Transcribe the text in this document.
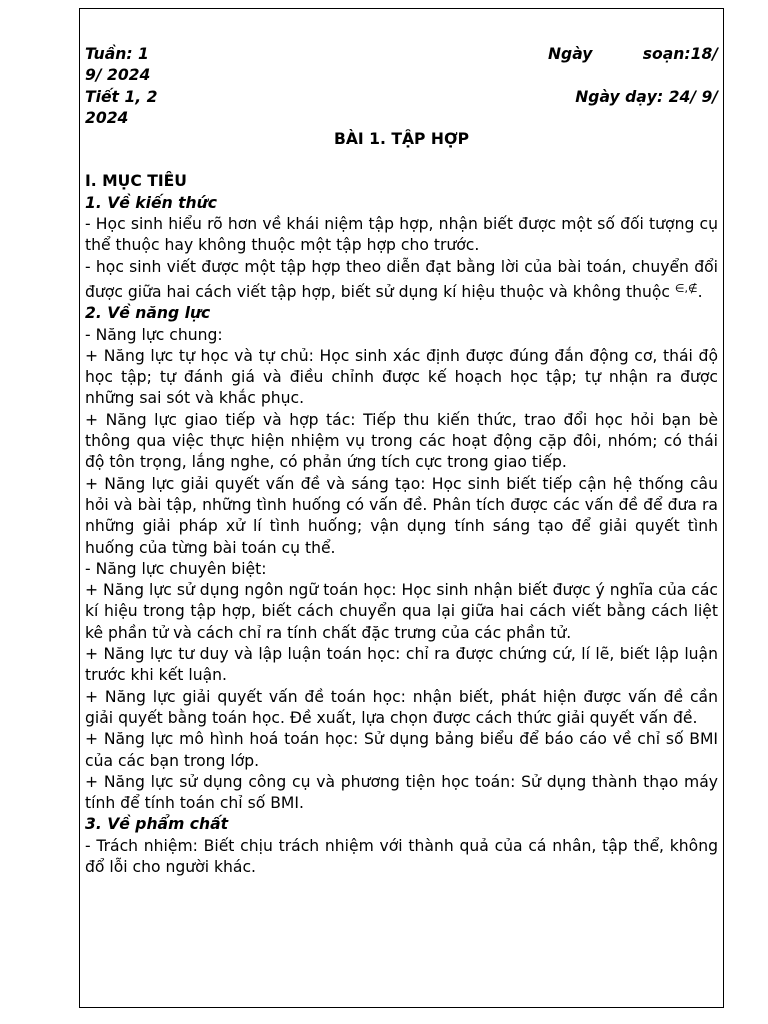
Tuần: 1	Ngày	soạn:18/
9/ 2024
Tiết 1, 2	Ngày dạy: 24/ 9/
2024
BÀI 1. TẬP HỢP
I. MỤC TIÊU
1. Về kiến thức
- Học sinh hiểu rõ hơn về khái niệm tập hợp, nhận biết được một số đối tượng cụ thể thuộc hay không thuộc một tập hợp cho trước.
- học sinh viết được một tập hợp theo diễn đạt bằng lời của bài toán, chuyển đổi được giữa hai cách viết tập hợp, biết sử dụng kí hiệu thuộc và không thuộc ∈,∉.
2. Về năng lực
- Năng lực chung:
+ Năng lực tự học và tự chủ: Học sinh xác định được đúng đắn động cơ, thái độ học tập; tự đánh giá và điều chỉnh được kế hoạch học tập; tự nhận ra được những sai sót và khắc phục.
+ Năng lực giao tiếp và hợp tác: Tiếp thu kiến thức, trao đổi học hỏi bạn bè thông qua việc thực hiện nhiệm vụ trong các hoạt động cặp đôi, nhóm; có thái độ tôn trọng, lắng nghe, có phản ứng tích cực trong giao tiếp.
+ Năng lực giải quyết vấn đề và sáng tạo: Học sinh biết tiếp cận hệ thống câu hỏi và bài tập, những tình huống có vấn đề. Phân tích được các vấn đề để đưa ra những giải pháp xử lí tình huống; vận dụng tính sáng tạo để giải quyết tình huống của từng bài toán cụ thể.
- Năng lực chuyên biệt:
+ Năng lực sử dụng ngôn ngữ toán học: Học sinh nhận biết được ý nghĩa của các kí hiệu trong tập hợp, biết cách chuyển qua lại giữa hai cách viết bằng cách liệt kê phần tử và cách chỉ ra tính chất đặc trưng của các phần tử.
+ Năng lực tư duy và lập luận toán học: chỉ ra được chứng cứ, lí lẽ, biết lập luận trước khi kết luận.
+ Năng lực giải quyết vấn đề toán học: nhận biết, phát hiện được vấn đề cần giải quyết bằng toán học. Đề xuất, lựa chọn được cách thức giải quyết vấn đề.
+ Năng lực mô hình hoá toán học: Sử dụng bảng biểu để báo cáo về chỉ số BMI của các bạn trong lớp.
+ Năng lực sử dụng công cụ và phương tiện học toán: Sử dụng thành thạo máy tính để tính toán chỉ số BMI.
3. Về phẩm chất
- Trách nhiệm: Biết chịu trách nhiệm với thành quả của cá nhân, tập thể, không đổ lỗi cho người khác.
